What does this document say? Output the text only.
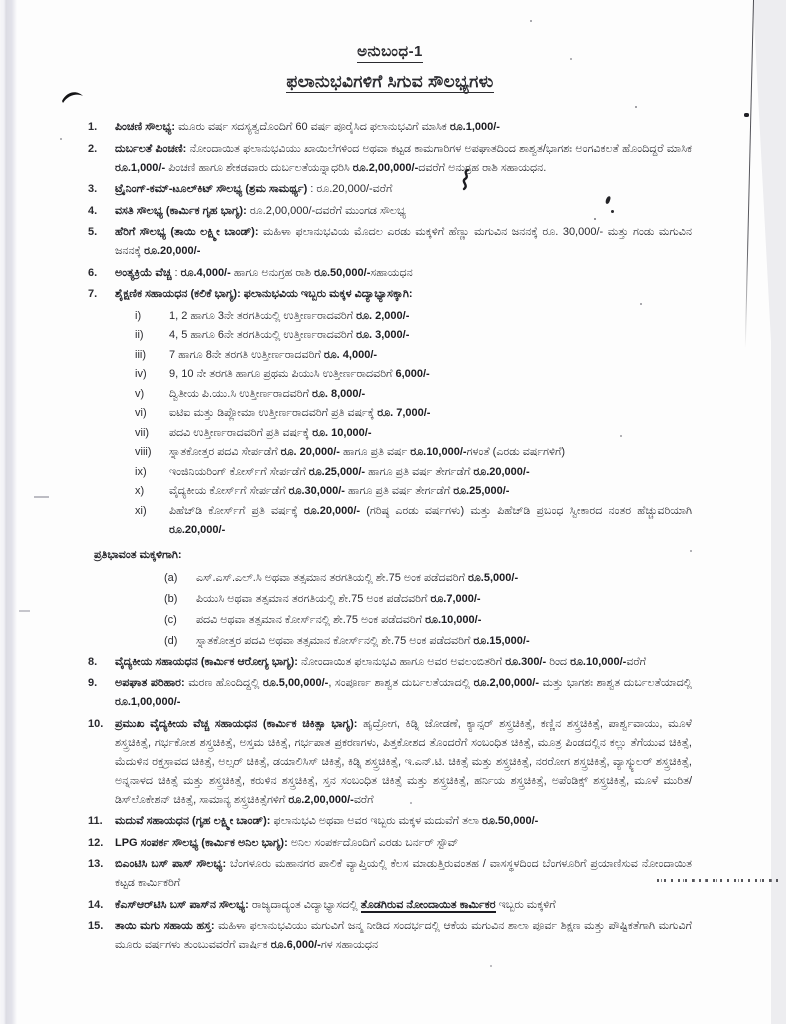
ಅನುಬಂಧ-1
ಫಲಾನುಭವಿಗಳಿಗೆ ಸಿಗುವ ಸೌಲಭ್ಯಗಳು
1.	ಪಿಂಚಣಿ ಸೌಲಭ್ಯ: ಮೂರು ವರ್ಷ ಸದಸ್ಯತ್ವದೊಂದಿಗೆ 60 ವರ್ಷ ಪೂರೈಸಿದ ಫಲಾನುಭವಿಗೆ ಮಾಸಿಕ ರೂ.1,000/-
2.	ದುರ್ಬಲತೆ ಪಿಂಚಣಿ: ನೋಂದಾಯಿತ ಫಲಾನುಭವಿಯು ಖಾಯಿಲೆಗಳಿಂದ ಅಥವಾ ಕಟ್ಟಡ ಕಾಮಗಾರಿಗಳ ಅಪಘಾತದಿಂದ ಶಾಶ್ವತ/ಭಾಗಶಃ ಅಂಗವಿಕಲತೆ ಹೊಂದಿದ್ದರೆ ಮಾಸಿಕ ರೂ.1,000/- ಪಿಂಚಣಿ ಹಾಗೂ ಶೇಕಡವಾರು ದುರ್ಬಲತೆಯನ್ನಾಧರಿಸಿ ರೂ.2,00,000/-ದವರೆಗೆ ಅನುಗ್ರಹ ರಾಶಿ ಸಹಾಯಧನ.
3.	ಟ್ರೈನಿಂಗ್-ಕಮ್-ಟೂಲ್‌ಕಿಟ್ ಸೌಲಭ್ಯ (ಶ್ರಮ ಸಾಮರ್ಥ್ಯ) : ರೂ.20,000/-ವರೆಗೆ
4.	ವಸತಿ ಸೌಲಭ್ಯ (ಕಾರ್ಮಿಕ ಗೃಹ ಭಾಗ್ಯ): ರೂ.2,00,000/-ದವರೆಗೆ ಮುಂಗಡ ಸೌಲಭ್ಯ
5.	ಹೆರಿಗೆ ಸೌಲಭ್ಯ (ತಾಯಿ ಲಕ್ಷ್ಮೀ ಬಾಂಡ್): ಮಹಿಳಾ ಫಲಾನುಭವಿಯ ಮೊದಲ ಎರಡು ಮಕ್ಕಳಿಗೆ ಹೆಣ್ಣು ಮಗುವಿನ ಜನನಕ್ಕೆ ರೂ. 30,000/- ಮತ್ತು ಗಂಡು ಮಗುವಿನ ಜನನಕ್ಕೆ ರೂ.20,000/-
6.	ಅಂತ್ಯಕ್ರಿಯೆ ವೆಚ್ಚ : ರೂ.4,000/- ಹಾಗೂ ಅನುಗ್ರಹ ರಾಶಿ ರೂ.50,000/-ಸಹಾಯಧನ
7.	ಶೈಕ್ಷಣಿಕ ಸಹಾಯಧನ (ಕಲಿಕೆ ಭಾಗ್ಯ): ಫಲಾನುಭವಿಯ ಇಬ್ಬರು ಮಕ್ಕಳ ವಿದ್ಯಾಭ್ಯಾಸಕ್ಕಾಗಿ:
i)	1, 2 ಹಾಗೂ 3ನೇ ತರಗತಿಯಲ್ಲಿ ಉತ್ತೀರ್ಣರಾದವರಿಗೆ ರೂ. 2,000/-
ii)	4, 5 ಹಾಗೂ 6ನೇ ತರಗತಿಯಲ್ಲಿ ಉತ್ತೀರ್ಣರಾದವರಿಗೆ ರೂ. 3,000/-
iii)	7 ಹಾಗೂ 8ನೇ ತರಗತಿ ಉತ್ತೀರ್ಣರಾದವರಿಗೆ ರೂ. 4,000/-
iv)	9, 10 ನೇ ತರಗತಿ ಹಾಗೂ ಪ್ರಥಮ ಪಿಯುಸಿ ಉತ್ತೀರ್ಣರಾದವರಿಗೆ 6,000/-
v)	ದ್ವಿತೀಯ ಪಿ.ಯು.ಸಿ ಉತ್ತೀರ್ಣರಾದವರಿಗೆ ರೂ. 8,000/-
vi)	ಐಟಿಐ ಮತ್ತು ಡಿಪ್ಲೋಮಾ ಉತ್ತೀರ್ಣರಾದವರಿಗೆ ಪ್ರತಿ ವರ್ಷಕ್ಕೆ ರೂ. 7,000/-
vii)	ಪದವಿ ಉತ್ತೀರ್ಣರಾದವರಿಗೆ ಪ್ರತಿ ವರ್ಷಕ್ಕೆ ರೂ. 10,000/-
viii)	ಸ್ನಾತಕೋತ್ತರ ಪದವಿ ಸೇರ್ಪಡೆಗೆ ರೂ. 20,000/- ಹಾಗೂ ಪ್ರತಿ ವರ್ಷ ರೂ.10,000/-ಗಳಂತೆ (ಎರಡು ವರ್ಷಗಳಿಗೆ)
ix)	ಇಂಜಿನಿಯರಿಂಗ್ ಕೋರ್ಸ್‌ಗೆ ಸೇರ್ಪಡೆಗೆ ರೂ.25,000/- ಹಾಗೂ ಪ್ರತಿ ವರ್ಷ ತೇರ್ಗಡೆಗೆ ರೂ.20,000/-
x)	ವೈದ್ಯಕೀಯ ಕೋರ್ಸ್‌ಗೆ ಸೇರ್ಪಡೆಗೆ ರೂ.30,000/- ಹಾಗೂ ಪ್ರತಿ ವರ್ಷ ತೇರ್ಗಡೆಗೆ ರೂ.25,000/-
xi)	ಪಿಹೆಚ್‌ಡಿ ಕೋರ್ಸ್‌ಗೆ ಪ್ರತಿ ವರ್ಷಕ್ಕೆ ರೂ.20,000/- (ಗರಿಷ್ಠ ಎರಡು ವರ್ಷಗಳು) ಮತ್ತು ಪಿಹೆಚ್‌ಡಿ ಪ್ರಬಂಧ ಸ್ವೀಕಾರದ ನಂತರ ಹೆಚ್ಚುವರಿಯಾಗಿ ರೂ.20,000/-
ಪ್ರತಿಭಾವಂತ ಮಕ್ಕಳಿಗಾಗಿ:
(a)	ಎಸ್.ಎಸ್.ಎಲ್.ಸಿ ಅಥವಾ ತತ್ಸಮಾನ ತರಗತಿಯಲ್ಲಿ ಶೇ.75 ಅಂಕ ಪಡೆದವರಿಗೆ ರೂ.5,000/-
(b)	ಪಿಯುಸಿ ಅಥವಾ ತತ್ಸಮಾನ ತರಗತಿಯಲ್ಲಿ ಶೇ.75 ಅಂಕ ಪಡೆದವರಿಗೆ ರೂ.7,000/-
(c)	ಪದವಿ ಅಥವಾ ತತ್ಸಮಾನ ಕೋರ್ಸ್‌ನಲ್ಲಿ ಶೇ.75 ಅಂಕ ಪಡೆದವರಿಗೆ ರೂ.10,000/-
(d)	ಸ್ನಾತಕೋತ್ತರ ಪದವಿ ಅಥವಾ ತತ್ಸಮಾನ ಕೋರ್ಸ್‌ನಲ್ಲಿ ಶೇ.75 ಅಂಕ ಪಡೆದವರಿಗೆ ರೂ.15,000/-
8.	ವೈದ್ಯಕೀಯ ಸಹಾಯಧನ (ಕಾರ್ಮಿಕ ಆರೋಗ್ಯ ಭಾಗ್ಯ): ನೋಂದಾಯಿತ ಫಲಾನುಭವಿ ಹಾಗೂ ಅವರ ಅವಲಂಬಿತರಿಗೆ ರೂ.300/- ರಿಂದ ರೂ.10,000/-ವರೆಗೆ
9.	ಅಪಘಾತ ಪರಿಹಾರ: ಮರಣ ಹೊಂದಿದ್ದಲ್ಲಿ ರೂ.5,00,000/-, ಸಂಪೂರ್ಣ ಶಾಶ್ವತ ದುರ್ಬಲತೆಯಾದಲ್ಲಿ ರೂ.2,00,000/- ಮತ್ತು ಭಾಗಶಃ ಶಾಶ್ವತ ದುರ್ಬಲತೆಯಾದಲ್ಲಿ ರೂ.1,00,000/-
10.	ಪ್ರಮುಖ ವೈದ್ಯಕೀಯ ವೆಚ್ಚ ಸಹಾಯಧನ (ಕಾರ್ಮಿಕ ಚಿಕಿತ್ಸಾ ಭಾಗ್ಯ): ಹೃದ್ರೋಗ, ಕಿಡ್ನಿ ಜೋಡಣೆ, ಕ್ಯಾನ್ಸರ್ ಶಸ್ತ್ರಚಿಕಿತ್ಸೆ, ಕಣ್ಣಿನ ಶಸ್ತ್ರಚಿಕಿತ್ಸೆ, ಪಾರ್ಶ್ವವಾಯು, ಮೂಳೆ ಶಸ್ತ್ರಚಿಕಿತ್ಸೆ, ಗರ್ಭಕೋಶ ಶಸ್ತ್ರಚಿಕಿತ್ಸೆ, ಅಸ್ತಮ ಚಿಕಿತ್ಸೆ, ಗರ್ಭಪಾತ ಪ್ರಕರಣಗಳು, ಪಿತ್ತಕೋಶದ ತೊಂದರೆಗೆ ಸಂಬಂಧಿತ ಚಿಕಿತ್ಸೆ, ಮೂತ್ರ ಪಿಂಡದಲ್ಲಿನ ಕಲ್ಲು ತೆಗೆಯುವ ಚಿಕಿತ್ಸೆ, ಮೆದುಳಿನ ರಕ್ತಸ್ರಾವದ ಚಿಕಿತ್ಸೆ, ಅಲ್ಸರ್ ಚಿಕಿತ್ಸೆ, ಡಯಾಲಿಸಿಸ್ ಚಿಕಿತ್ಸೆ, ಕಿಡ್ನಿ ಶಸ್ತ್ರಚಿಕಿತ್ಸೆ, ಇ.ಎನ್.ಟಿ. ಚಿಕಿತ್ಸೆ ಮತ್ತು ಶಸ್ತ್ರಚಿಕಿತ್ಸೆ, ನರರೋಗ ಶಸ್ತ್ರಚಿಕಿತ್ಸೆ, ವ್ಯಾಸ್ಕ್ಯುಲರ್ ಶಸ್ತ್ರಚಿಕಿತ್ಸೆ, ಅನ್ನನಾಳದ ಚಿಕಿತ್ಸೆ ಮತ್ತು ಶಸ್ತ್ರಚಿಕಿತ್ಸೆ, ಕರುಳಿನ ಶಸ್ತ್ರಚಿಕಿತ್ಸೆ, ಸ್ತನ ಸಂಬಂಧಿತ ಚಿಕಿತ್ಸೆ ಮತ್ತು ಶಸ್ತ್ರಚಿಕಿತ್ಸೆ, ಹರ್ನಿಯ ಶಸ್ತ್ರಚಿಕಿತ್ಸೆ, ಅಪೆಂಡಿಕ್ಸ್ ಶಸ್ತ್ರಚಿಕಿತ್ಸೆ, ಮೂಳೆ ಮುರಿತ/ಡಿಸ್‌ಲೊಕೇಶನ್ ಚಿಕಿತ್ಸೆ, ಸಾಮಾನ್ಯ ಶಸ್ತ್ರಚಿಕಿತ್ಸೆಗಳಿಗೆ ರೂ.2,00,000/-ವರೆಗೆ
11.	ಮದುವೆ ಸಹಾಯಧನ (ಗೃಹ ಲಕ್ಷ್ಮೀ ಬಾಂಡ್): ಫಲಾನುಭವಿ ಅಥವಾ ಅವರ ಇಬ್ಬರು ಮಕ್ಕಳ ಮದುವೆಗೆ ತಲಾ ರೂ.50,000/-
12.	LPG ಸಂಪರ್ಕ ಸೌಲಭ್ಯ (ಕಾರ್ಮಿಕ ಅನಿಲ ಭಾಗ್ಯ): ಅನಿಲ ಸಂಪರ್ಕದೊಂದಿಗೆ ಎರಡು ಬರ್ನರ್ ಸ್ಟೌವ್
13.	ಬಿಎಂಟಿಸಿ ಬಸ್ ಪಾಸ್ ಸೌಲಭ್ಯ: ಬೆಂಗಳೂರು ಮಹಾನಗರ ಪಾಲಿಕೆ ವ್ಯಾಪ್ತಿಯಲ್ಲಿ ಕೆಲಸ ಮಾಡುತ್ತಿರುವಂತಹ / ವಾಸಸ್ಥಳದಿಂದ ಬೆಂಗಳೂರಿಗೆ ಪ್ರಯಾಣಿಸುವ ನೋಂದಾಯಿತ ಕಟ್ಟಡ ಕಾರ್ಮಿಕರಿಗೆ
14.	ಕೆಎಸ್‌ಆರ್‌ಟಿಸಿ ಬಸ್ ಪಾಸ್‌ನ ಸೌಲಭ್ಯ: ರಾಜ್ಯದಾದ್ಯಂತ ವಿದ್ಯಾಭ್ಯಾಸದಲ್ಲಿ ತೊಡಗಿರುವ ನೋಂದಾಯಿತ ಕಾರ್ಮಿಕರ ಇಬ್ಬರು ಮಕ್ಕಳಿಗೆ
15.	ತಾಯಿ ಮಗು ಸಹಾಯ ಹಸ್ತ: ಮಹಿಳಾ ಫಲಾನುಭವಿಯು ಮಗುವಿಗೆ ಜನ್ಮ ನೀಡಿದ ಸಂದರ್ಭದಲ್ಲಿ ಆಕೆಯ ಮಗುವಿನ ಶಾಲಾ ಪೂರ್ವ ಶಿಕ್ಷಣ ಮತ್ತು ಪೌಷ್ಟಿಕತೆಗಾಗಿ ಮಗುವಿಗೆ ಮೂರು ವರ್ಷಗಳು ತುಂಬುವವರೆಗೆ ವಾರ್ಷಿಕ ರೂ.6,000/-ಗಳ ಸಹಾಯಧನ
